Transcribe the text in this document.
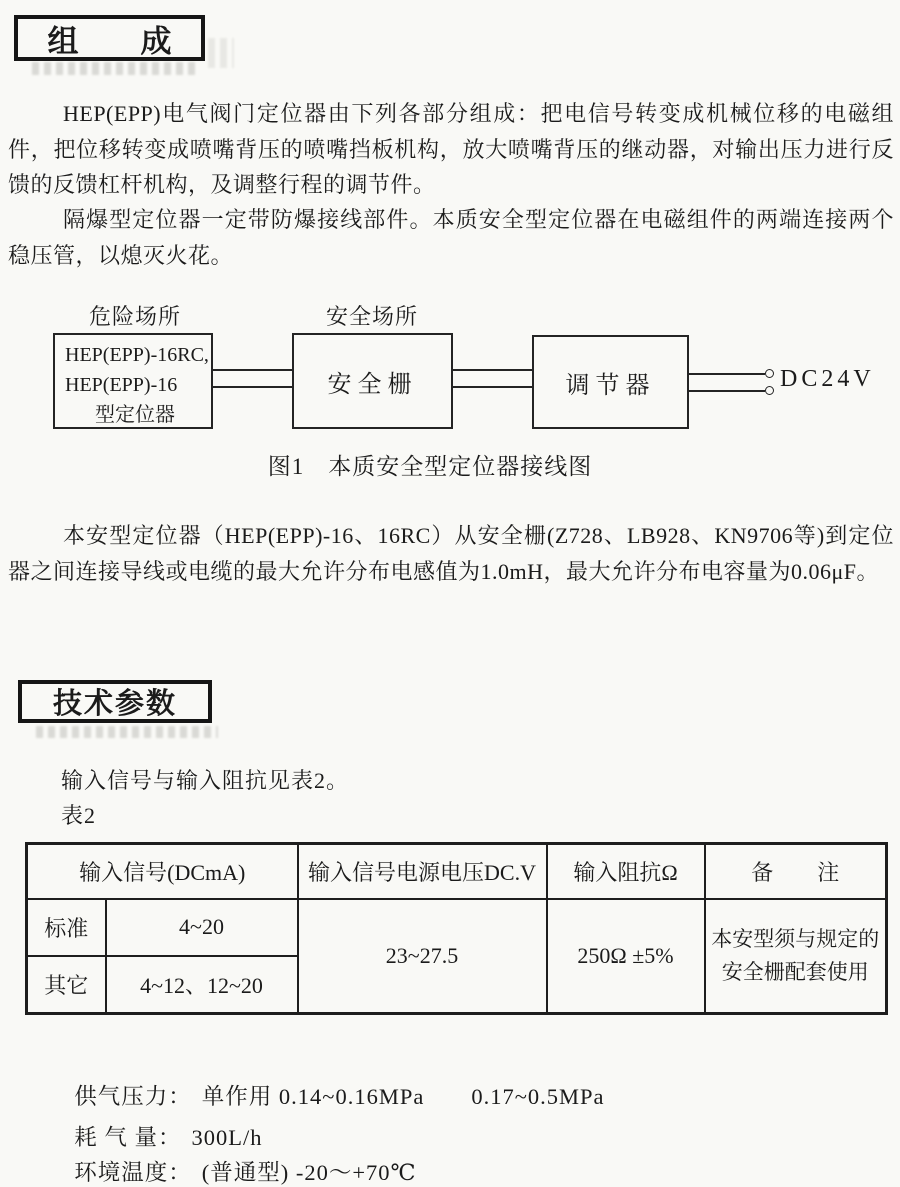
组　　成

HEP(EPP)电气阀门定位器由下列各部分组成：把电信号转变成机械位移的电磁组件，把位移转变成喷嘴背压的喷嘴挡板机构，放大喷嘴背压的继动器，对输出压力进行反馈的反馈杠杆机构，及调整行程的调节件。

隔爆型定位器一定带防爆接线部件。本质安全型定位器在电磁组件的两端连接两个稳压管，以熄灭火花。

危险场所	安全场所
HEP(EPP)-16RC,
HEP(EPP)-16
型定位器
安全栅	调节器	DC24V
图1　本质安全型定位器接线图

本安型定位器（HEP(EPP)-16、16RC）从安全栅(Z728、LB928、KN9706等)到定位器之间连接导线或电缆的最大允许分布电感值为1.0mH，最大允许分布电容量为0.06μF。

技术参数
输入信号与输入阻抗见表2。
表2
输入信号(DCmA)		输入信号电源电压DC.V	输入阻抗Ω	备　　注
标准	4~20	23~27.5	250Ω ±5%	本安型须与规定的安全栅配套使用
其它	4~12、12~20			

供气压力： 单作用 0.14~0.16MPa　　0.17~0.5MPa

耗 气 量： 300L/h

环境温度： (普通型) -20～+70℃
